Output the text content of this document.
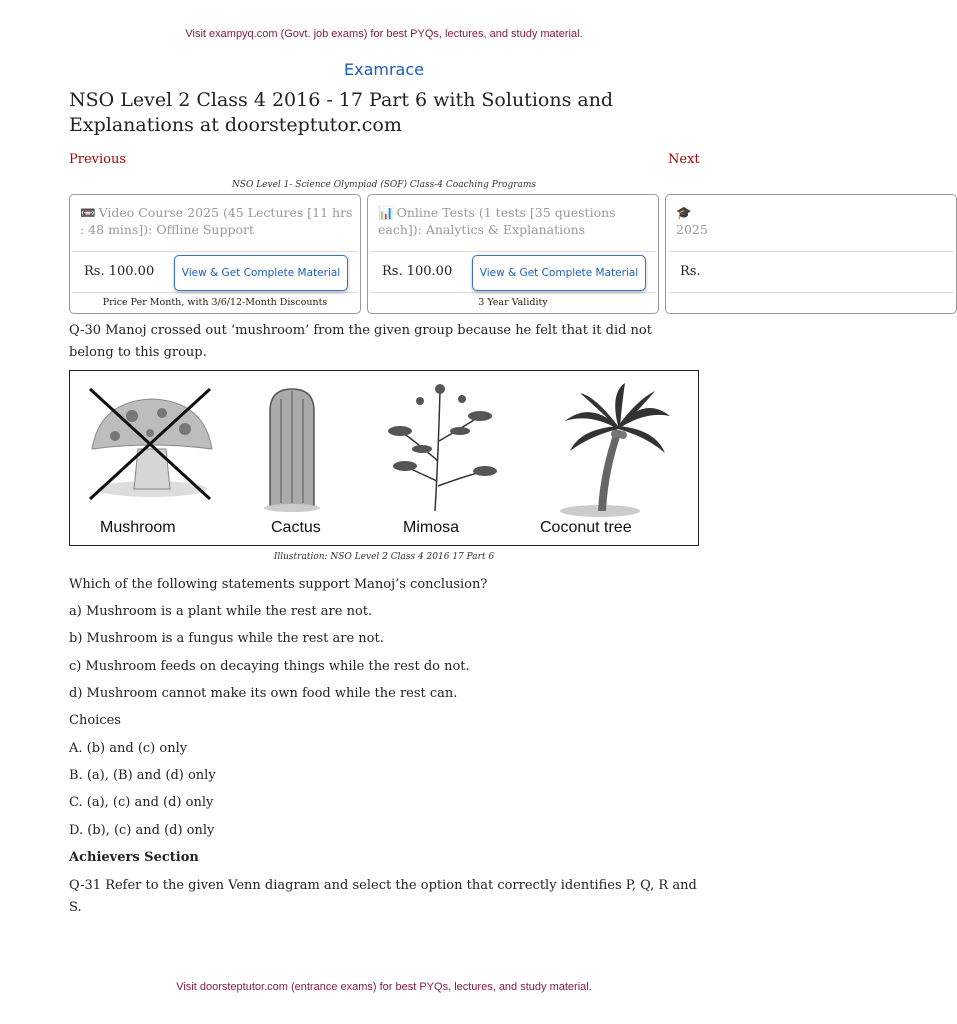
Visit exampyq.com (Govt. job exams) for best PYQs, lectures, and study material.
Examrace
NSO Level 2 Class 4 2016 - 17 Part 6 with Solutions and Explanations at doorsteptutor.com
Previous	Next
NSO Level 1- Science Olympiad (SOF) Class-4 Coaching Programs
📼 Video Course 2025 (45 Lectures [11 hrs : 48 mins]): Offline Support
Rs. 100.00	View & Get Complete Material
Price Per Month, with 3/6/12-Month Discounts
📊 Online Tests (1 tests [35 questions each]): Analytics & Explanations
Rs. 100.00	View & Get Complete Material
3 Year Validity
🎓
2025
Rs.

Q-30 Manoj crossed out ‘mushroom’ from the given group because he felt that it did not belong to this group.

Mushroom	Cactus	Mimosa	Coconut tree
Illustration: NSO Level 2 Class 4 2016 17 Part 6

Which of the following statements support Manoj’s conclusion?

a) Mushroom is a plant while the rest are not.

b) Mushroom is a fungus while the rest are not.

c) Mushroom feeds on decaying things while the rest do not.

d) Mushroom cannot make its own food while the rest can.

Choices

A. (b) and (c) only

B. (a), (B) and (d) only

C. (a), (c) and (d) only

D. (b), (c) and (d) only

Achievers Section

Q-31 Refer to the given Venn diagram and select the option that correctly identifies P, Q, R and S.

Visit doorsteptutor.com (entrance exams) for best PYQs, lectures, and study material.
